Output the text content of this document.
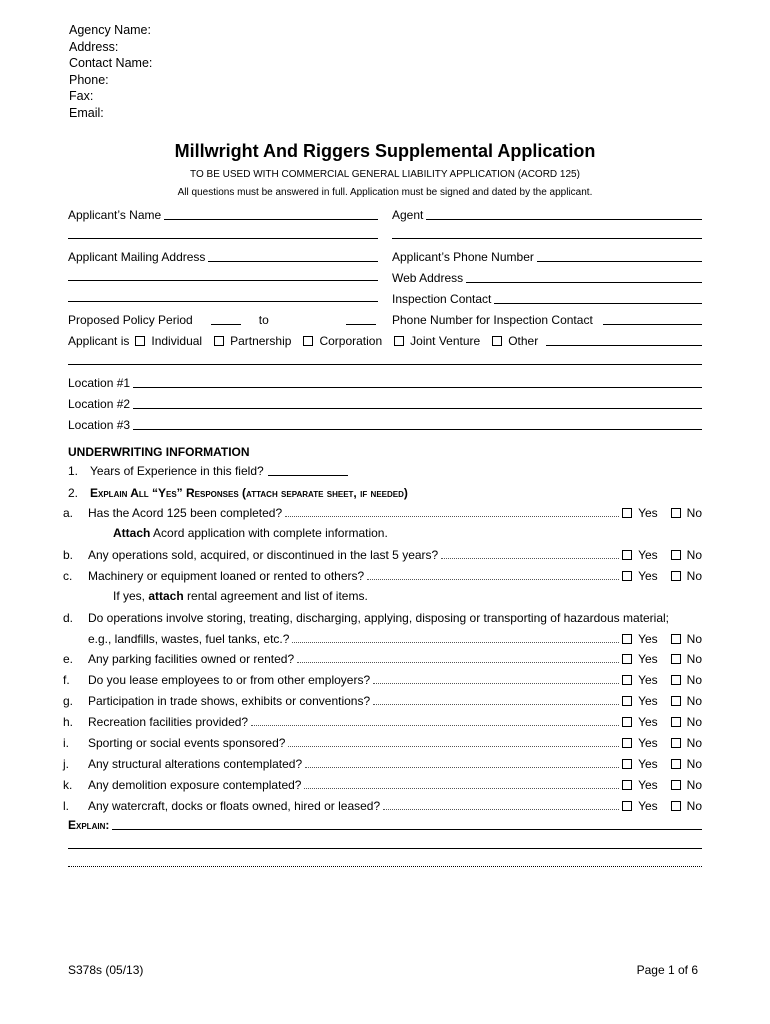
Agency Name:
Address:
Contact Name:
Phone:
Fax:
Email:
Millwright And Riggers Supplemental Application
TO BE USED WITH COMMERCIAL GENERAL LIABILITY APPLICATION (ACORD 125)
All questions must be answered in full. Application must be signed and dated by the applicant.
Applicant’s Name	Agent
Applicant Mailing Address	Applicant’s Phone Number
Web Address
Inspection Contact
Proposed Policy Period	to	Phone Number for Inspection Contact
Applicant is	Individual	Partnership	Corporation	Joint Venture	Other
Location #1
Location #2
Location #3
UNDERWRITING INFORMATION
1. Years of Experience in this field?
2. Explain All “Yes” Responses (attach separate sheet, if needed)
a. Has the Acord 125 been completed?	Yes No
b. Any operations sold, acquired, or discontinued in the last 5 years?	Yes No
c. Machinery or equipment loaned or rented to others?	Yes No
d. Do operations involve storing, treating, discharging, applying, disposing or transporting of hazardous material;
e.g., landfills, wastes, fuel tanks, etc.?	Yes No
e. Any parking facilities owned or rented?	Yes No
f. Do you lease employees to or from other employers?	Yes No
g. Participation in trade shows, exhibits or conventions?	Yes No
h. Recreation facilities provided?	Yes No
i. Sporting or social events sponsored?	Yes No
j. Any structural alterations contemplated?	Yes No
k. Any demolition exposure contemplated?	Yes No
l. Any watercraft, docks or floats owned, hired or leased?	Yes No
Attach Acord application with complete information.
If yes, attach rental agreement and list of items.
Explain:
S378s (05/13)	Page 1 of 6
